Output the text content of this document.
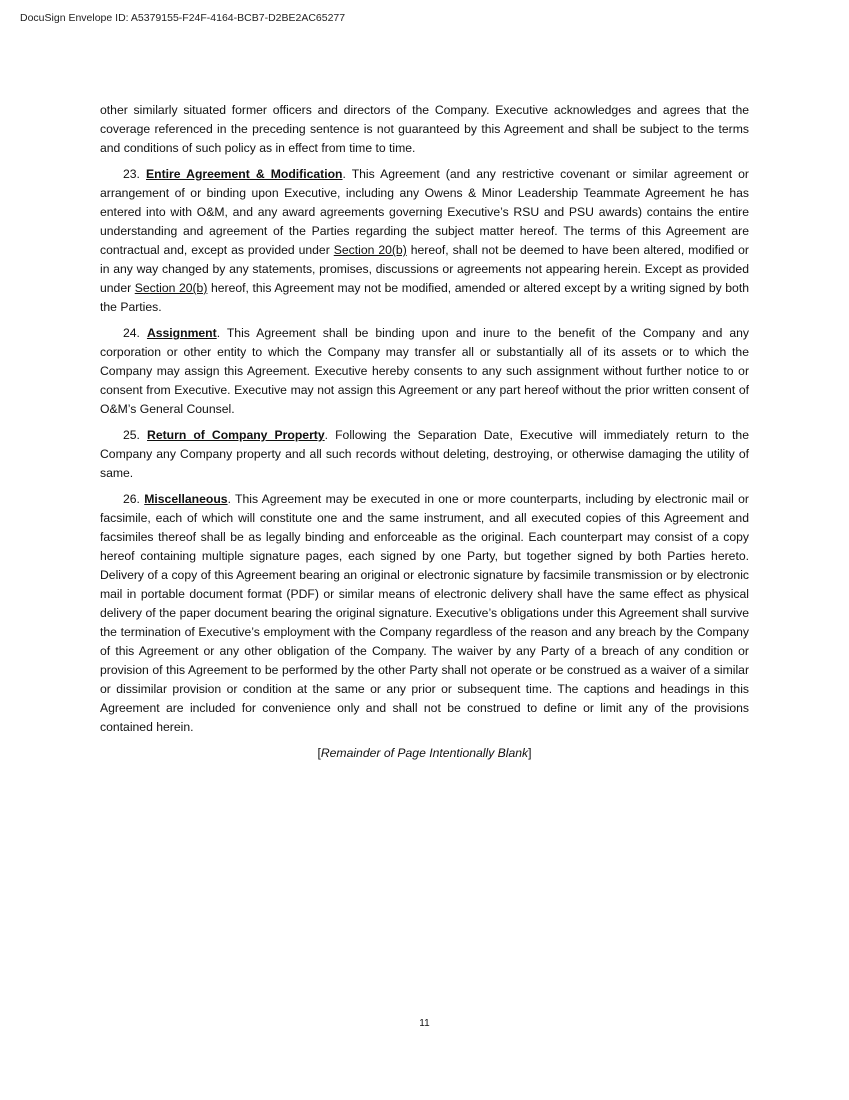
DocuSign Envelope ID: A5379155-F24F-4164-BCB7-D2BE2AC65277

other similarly situated former officers and directors of the Company. Executive acknowledges and agrees that the coverage referenced in the preceding sentence is not guaranteed by this Agreement and shall be subject to the terms and conditions of such policy as in effect from time to time.

23. Entire Agreement & Modification. This Agreement (and any restrictive covenant or similar agreement or arrangement of or binding upon Executive, including any Owens & Minor Leadership Teammate Agreement he has entered into with O&M, and any award agreements governing Executive’s RSU and PSU awards) contains the entire understanding and agreement of the Parties regarding the subject matter hereof. The terms of this Agreement are contractual and, except as provided under Section 20(b) hereof, shall not be deemed to have been altered, modified or in any way changed by any statements, promises, discussions or agreements not appearing herein. Except as provided under Section 20(b) hereof, this Agreement may not be modified, amended or altered except by a writing signed by both the Parties.

24. Assignment. This Agreement shall be binding upon and inure to the benefit of the Company and any corporation or other entity to which the Company may transfer all or substantially all of its assets or to which the Company may assign this Agreement. Executive hereby consents to any such assignment without further notice to or consent from Executive. Executive may not assign this Agreement or any part hereof without the prior written consent of O&M’s General Counsel.

25. Return of Company Property. Following the Separation Date, Executive will immediately return to the Company any Company property and all such records without deleting, destroying, or otherwise damaging the utility of same.

26. Miscellaneous. This Agreement may be executed in one or more counterparts, including by electronic mail or facsimile, each of which will constitute one and the same instrument, and all executed copies of this Agreement and facsimiles thereof shall be as legally binding and enforceable as the original. Each counterpart may consist of a copy hereof containing multiple signature pages, each signed by one Party, but together signed by both Parties hereto. Delivery of a copy of this Agreement bearing an original or electronic signature by facsimile transmission or by electronic mail in portable document format (PDF) or similar means of electronic delivery shall have the same effect as physical delivery of the paper document bearing the original signature. Executive’s obligations under this Agreement shall survive the termination of Executive’s employment with the Company regardless of the reason and any breach by the Company of this Agreement or any other obligation of the Company. The waiver by any Party of a breach of any condition or provision of this Agreement to be performed by the other Party shall not operate or be construed as a waiver of a similar or dissimilar provision or condition at the same or any prior or subsequent time. The captions and headings in this Agreement are included for convenience only and shall not be construed to define or limit any of the provisions contained herein.

[Remainder of Page Intentionally Blank]

11
